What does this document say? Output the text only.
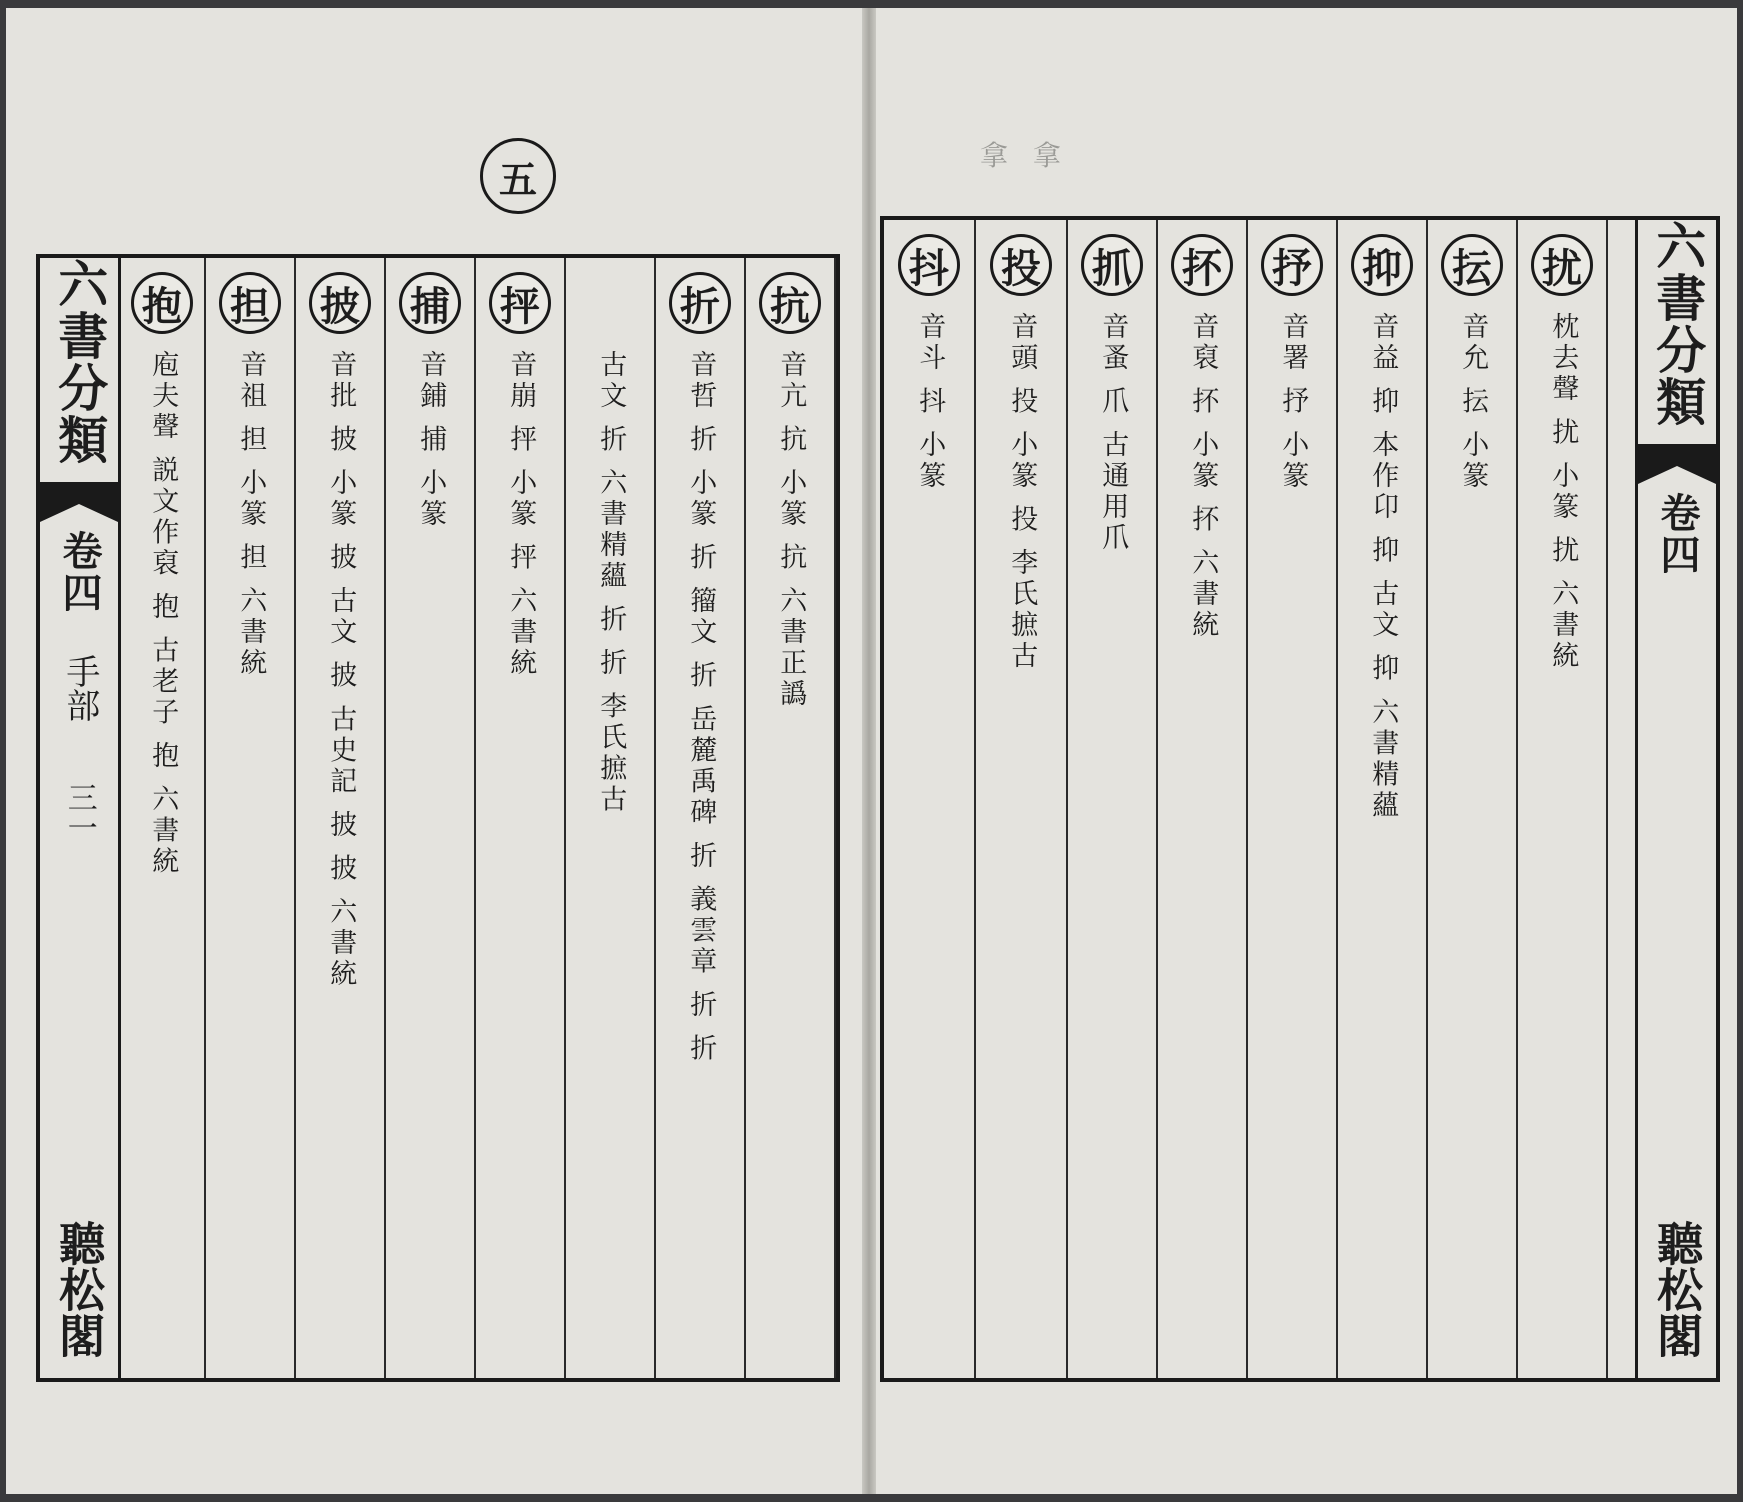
五
拿 拿
抱
庖夫聲 説文作裒 抱 古老子 抱 六書統
担
音祖 担 小篆 担 六書統
披
音批 披 小篆 披 古文 披 古史記 披 披 六書統
捕
音鋪 捕 小篆
抨
音崩 抨 小篆 抨 六書統 古文 折 六書精蘊 折 折 李氏摭古
折
音哲 折 小篆 折 籀文 折 岳麓禹碑 折 義雲章 折 折
抗
音亢 抗 小篆 抗 六書正譌
六書分類
卷四
手部
三一
聽松閣
抖
音斗 抖 小篆
投
音頭 投 小篆 投 李氏摭古
抓
音蚤 爪 古通用爪
抔
音裒 抔 小篆 抔 六書統
抒
音署 抒 小篆
抑
音益 抑 本作卬 抑 古文 抑 六書精蘊
抎
音允 抎 小篆
扰
枕去聲 扰 小篆 扰 六書統 六書分類
卷四
聽松閣
